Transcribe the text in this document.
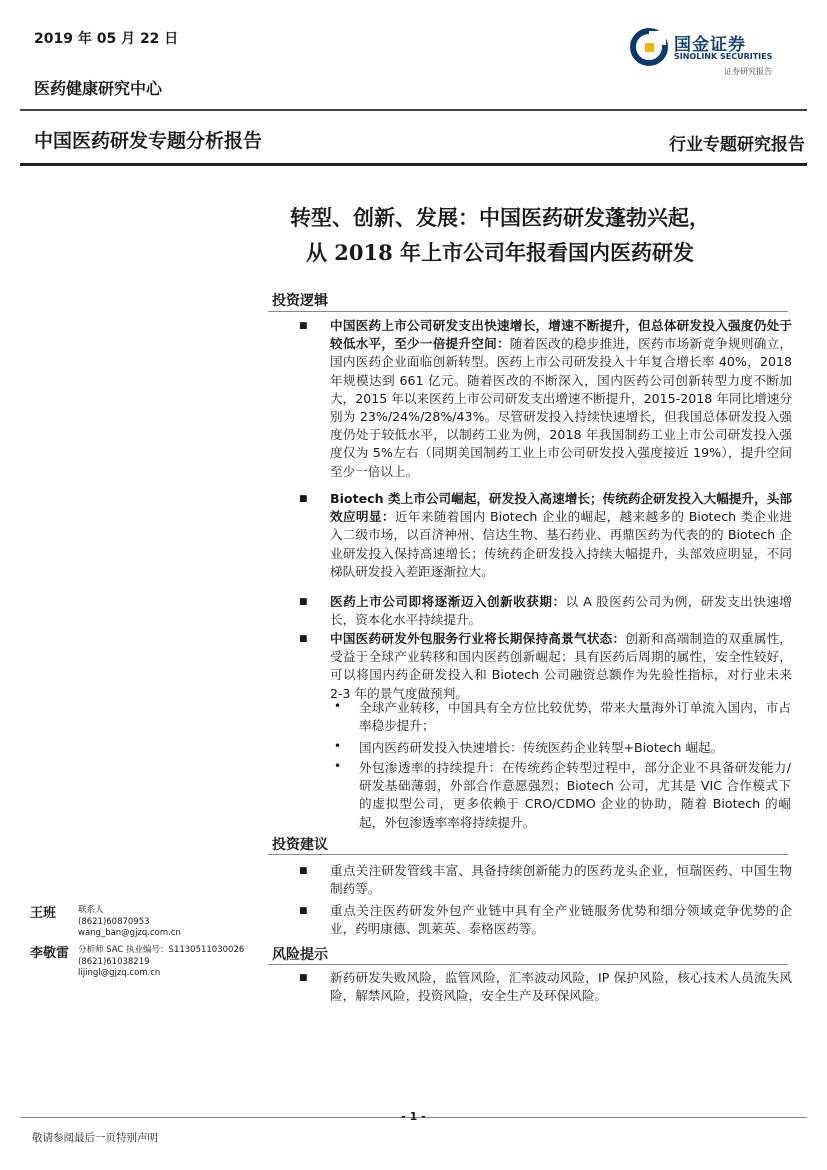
2019 年 05 月 22 日
医药健康研究中心
国金证券
SINOLINK SECURITIES
证券研究报告
中国医药研发专题分析报告	行业专题研究报告
转型、创新、发展：中国医药研发蓬勃兴起，
从 2018 年上市公司年报看国内医药研发
投资逻辑
■ 中国医药上市公司研发支出快速增长，增速不断提升，但总体研发投入强度仍处于较低水平，至少一倍提升空间：随着医改的稳步推进，医药市场新竞争规则确立，国内医药企业面临创新转型。医药上市公司研发投入十年复合增长率 40%，2018 年规模达到 661 亿元。随着医改的不断深入，国内医药公司创新转型力度不断加大，2015 年以来医药上市公司研发支出增速不断提升，2015-2018 年同比增速分别为 23%/24%/28%/43%。尽管研发投入持续快速增长，但我国总体研发投入强度仍处于较低水平，以制药工业为例，2018 年我国制药工业上市公司研发投入强度仅为 5%左右（同期美国制药工业上市公司研发投入强度接近 19%），提升空间至少一倍以上。
■ Biotech 类上市公司崛起，研发投入高速增长；传统药企研发投入大幅提升，头部效应明显：近年来随着国内 Biotech 企业的崛起，越来越多的 Biotech 类企业进入二级市场，以百济神州、信达生物、基石药业、再鼎医药为代表的的 Biotech 企业研发投入保持高速增长；传统药企研发投入持续大幅提升，头部效应明显，不同梯队研发投入差距逐渐拉大。
■ 医药上市公司即将逐渐迈入创新收获期：以 A 股医药公司为例，研发支出快速增长，资本化水平持续提升。
■ 中国医药研发外包服务行业将长期保持高景气状态：创新和高端制造的双重属性，受益于全球产业转移和国内医药创新崛起；具有医药后周期的属性，安全性较好，可以将国内药企研发投入和 Biotech 公司融资总额作为先验性指标，对行业未来 2-3 年的景气度做预判。
• 全球产业转移，中国具有全方位比较优势，带来大量海外订单流入国内，市占率稳步提升；
• 国内医药研发投入快速增长：传统医药企业转型+Biotech 崛起。
• 外包渗透率的持续提升：在传统药企转型过程中，部分企业不具备研发能力/研发基础薄弱，外部合作意愿强烈；Biotech 公司，尤其是 VIC 合作模式下的虚拟型公司，更多依赖于 CRO/CDMO 企业的协助，随着 Biotech 的崛起，外包渗透率率将持续提升。
投资建议
■ 重点关注研发管线丰富、具备持续创新能力的医药龙头企业，恒瑞医药、中国生物制药等。
■ 重点关注医药研发外包产业链中具有全产业链服务优势和细分领域竞争优势的企业，药明康德、凯莱英、泰格医药等。
风险提示
■ 新药研发失败风险，监管风险，汇率波动风险，IP 保护风险，核心技术人员流失风险，解禁风险，投资风险，安全生产及环保风险。
王班	联系人
(8621)60870953
wang_ban@gjzq.com.cn
李敬雷 分析师 SAC 执业编号：S1130511030026
(8621)61038219
lijingl@gjzq.com.cn
- 1 -
敬请参阅最后一页特别声明
